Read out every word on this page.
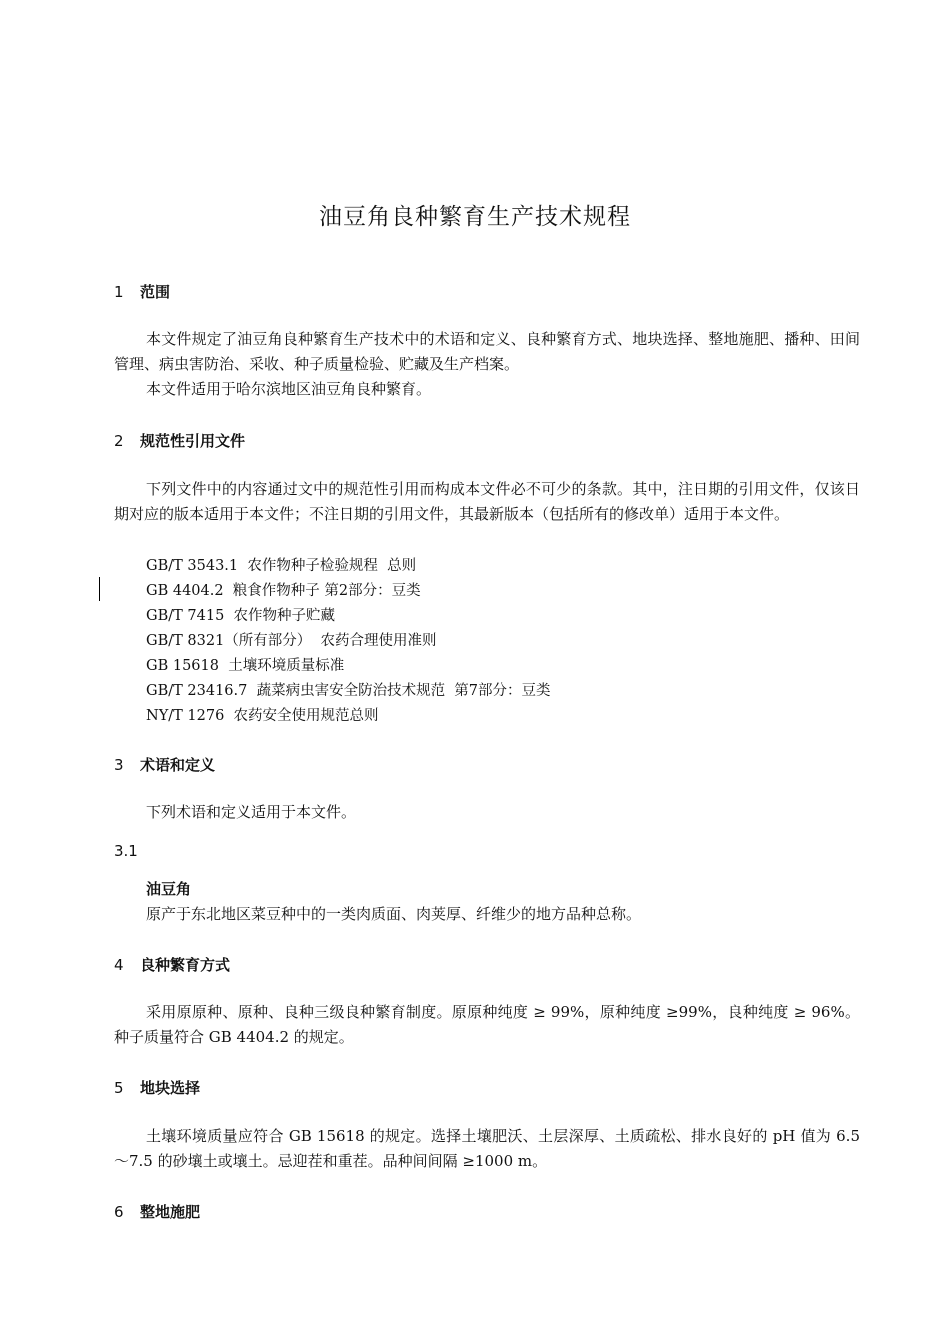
油豆角良种繁育生产技术规程
1 范围

本文件规定了油豆角良种繁育生产技术中的术语和定义、良种繁育方式、地块选择、整地施肥、播种、田间管理、病虫害防治、采收、种子质量检验、贮藏及生产档案。

本文件适用于哈尔滨地区油豆角良种繁育。

2 规范性引用文件

下列文件中的内容通过文中的规范性引用而构成本文件必不可少的条款。其中，注日期的引用文件，仅该日期对应的版本适用于本文件；不注日期的引用文件，其最新版本（包括所有的修改单）适用于本文件。

GB/T 3543.1  农作物种子检验规程  总则

GB 4404.2  粮食作物种子 第2部分：豆类

GB/T 7415  农作物种子贮藏

GB/T 8321（所有部分）  农药合理使用准则

GB 15618  土壤环境质量标准

GB/T 23416.7  蔬菜病虫害安全防治技术规范  第7部分：豆类

NY/T 1276  农药安全使用规范总则

3 术语和定义

下列术语和定义适用于本文件。

3.1
油豆角
原产于东北地区菜豆种中的一类肉质面、肉荚厚、纤维少的地方品种总称。
4 良种繁育方式

采用原原种、原种、良种三级良种繁育制度。原原种纯度 ≥ 99%，原种纯度 ≥99%，良种纯度 ≥ 96%。种子质量符合 GB 4404.2 的规定。

5 地块选择

土壤环境质量应符合 GB 15618 的规定。选择土壤肥沃、土层深厚、土质疏松、排水良好的 pH 值为 6.5～7.5 的砂壤土或壤土。忌迎茬和重茬。品种间间隔 ≥1000 m。

6 整地施肥
